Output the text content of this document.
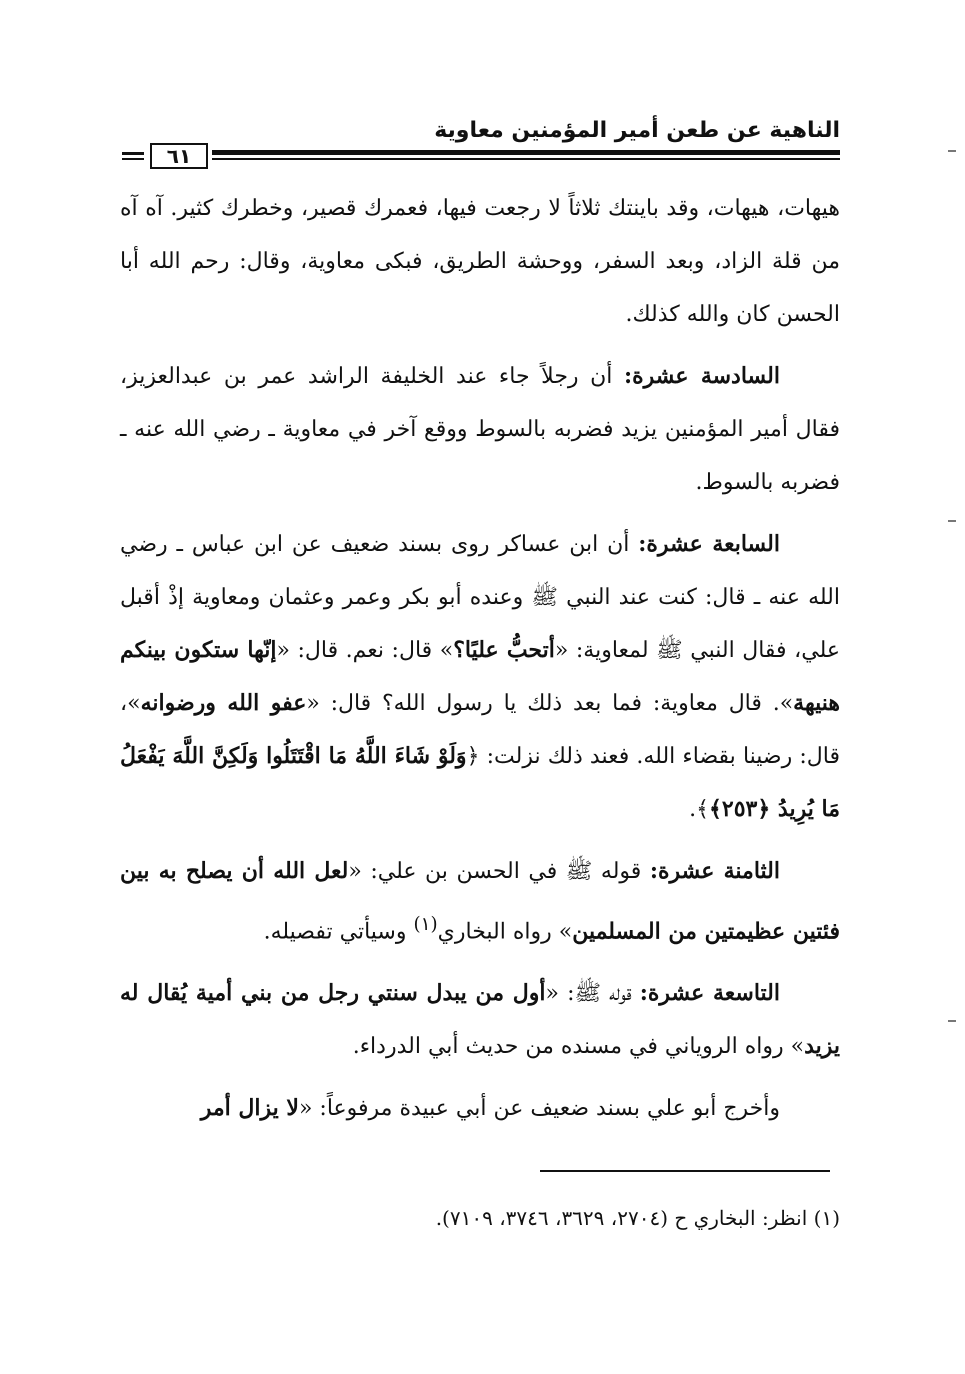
الناهية عن طعن أمير المؤمنين معاوية
٦١

هيهات، هيهات، وقد باينتك ثلاثاً لا رجعت فيها، فعمرك قصير، وخطرك كثير. آه آه من قلة الزاد، وبعد السفر، ووحشة الطريق، فبكى معاوية، وقال: رحم الله أبا الحسن كان والله كذلك.

السادسة عشرة: أن رجلاً جاء عند الخليفة الراشد عمر بن عبدالعزيز، فقال أمير المؤمنين يزيد فضربه بالسوط ووقع آخر في معاوية ـ رضي الله عنه ـ فضربه بالسوط.

السابعة عشرة: أن ابن عساكر روى بسند ضعيف عن ابن عباس ـ رضي الله عنه ـ قال: كنت عند النبي ﷺ وعنده أبو بكر وعمر وعثمان ومعاوية إذْ أقبل علي، فقال النبي ﷺ لمعاوية: «أتحبُّ عليًا؟» قال: نعم. قال: «إنّها ستكون بينكم هنيهة». قال معاوية: فما بعد ذلك يا رسول الله؟ قال: «عفو الله ورضوانه»، قال: رضينا بقضاء الله. فعند ذلك نزلت: ﴿وَلَوْ شَاءَ اللَّهُ مَا اقْتَتَلُوا وَلَكِنَّ اللَّهَ يَفْعَلُ مَا يُرِيدُ ﴿٢٥٣﴾﴾.

الثامنة عشرة: قوله ﷺ في الحسن بن علي: «لعل الله أن يصلح به بين فئتين عظيمتين من المسلمين» رواه البخاري$^{(١)}$ وسيأتي تفصيله.

التاسعة عشرة: قوله ﷺ: «أول من يبدل سنتي رجل من بني أمية يُقال له يزيد» رواه الروياني في مسنده من حديث أبي الدرداء.

وأخرج أبو علي بسند ضعيف عن أبي عبيدة مرفوعاً: «لا يزال أمر

(١) انظر: البخاري ح (٢٧٠٤، ٣٦٢٩، ٣٧٤٦، ٧١٠٩).
